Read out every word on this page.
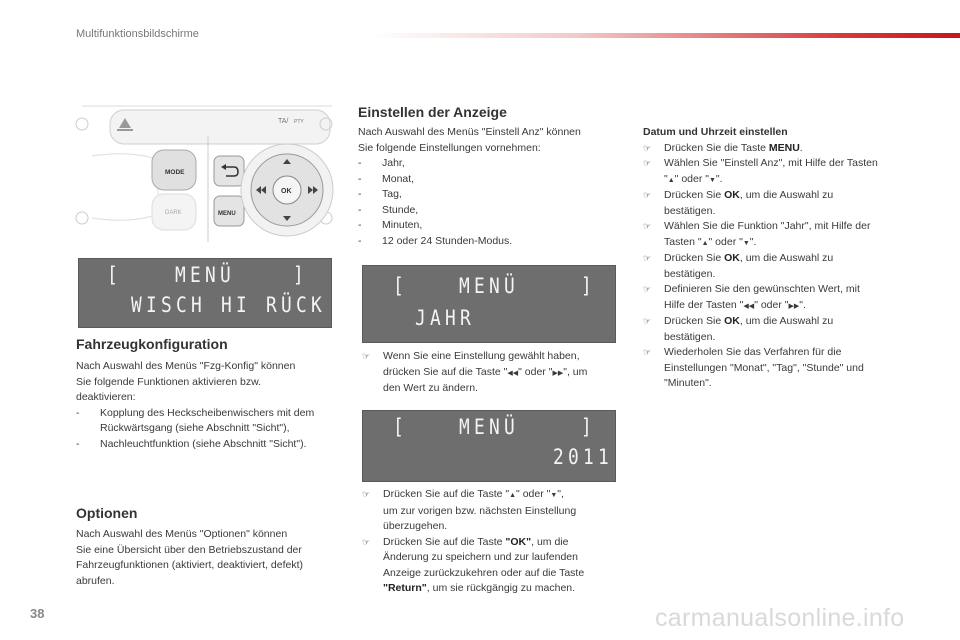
Multifunktionsbildschirme
TA/ PTY
MODE
DARK	MENU
OK
[	MENÜ	]
WISCH HI RÜCK
Fahrzeugkonfiguration

Nach Auswahl des Menüs "Fzg-Konfig" können

Sie folgende Funktionen aktivieren bzw.

deaktivieren:

-	Kopplung des Heckscheibenwischers mit dem
Rückwärtsgang (siehe Abschnitt "Sicht"),
-	Nachleuchtfunktion (siehe Abschnitt "Sicht").
Optionen

Nach Auswahl des Menüs "Optionen" können

Sie eine Übersicht über den Betriebszustand der

Fahrzeugfunktionen (aktiviert, deaktiviert, defekt)

abrufen.

Einstellen der Anzeige

Nach Auswahl des Menüs "Einstell Anz" können

Sie folgende Einstellungen vornehmen:

-	Jahr,
-	Monat,
-	Tag,
-	Stunde,
-	Minuten,
-	12 oder 24 Stunden-Modus.
[ MENÜ	]
JAHR
☞	Wenn Sie eine Einstellung gewählt haben,
drücken Sie auf die Taste "◀◀" oder "▶▶", um
den Wert zu ändern.
[ MENÜ	]
2011
☞	Drücken Sie auf die Taste "▲" oder "▼",
um zur vorigen bzw. nächsten Einstellung
überzugehen.
☞	Drücken Sie auf die Taste "OK", um die
Änderung zu speichern und zur laufenden
Anzeige zurückzukehren oder auf die Taste
"Return", um sie rückgängig zu machen.

Datum und Uhrzeit einstellen

☞	Drücken Sie die Taste MENU.
☞	Wählen Sie "Einstell Anz", mit Hilfe der Tasten
"▲" oder "▼".
☞	Drücken Sie OK, um die Auswahl zu
bestätigen.
☞	Wählen Sie die Funktion "Jahr", mit Hilfe der
Tasten "▲" oder "▼".
☞	Drücken Sie OK, um die Auswahl zu
bestätigen.
☞	Definieren Sie den gewünschten Wert, mit
Hilfe der Tasten "◀◀" oder "▶▶".
☞	Drücken Sie OK, um die Auswahl zu
bestätigen.
☞	Wiederholen Sie das Verfahren für die
Einstellungen "Monat", "Tag", "Stunde" und
"Minuten".
38	carmanualsonline.info
